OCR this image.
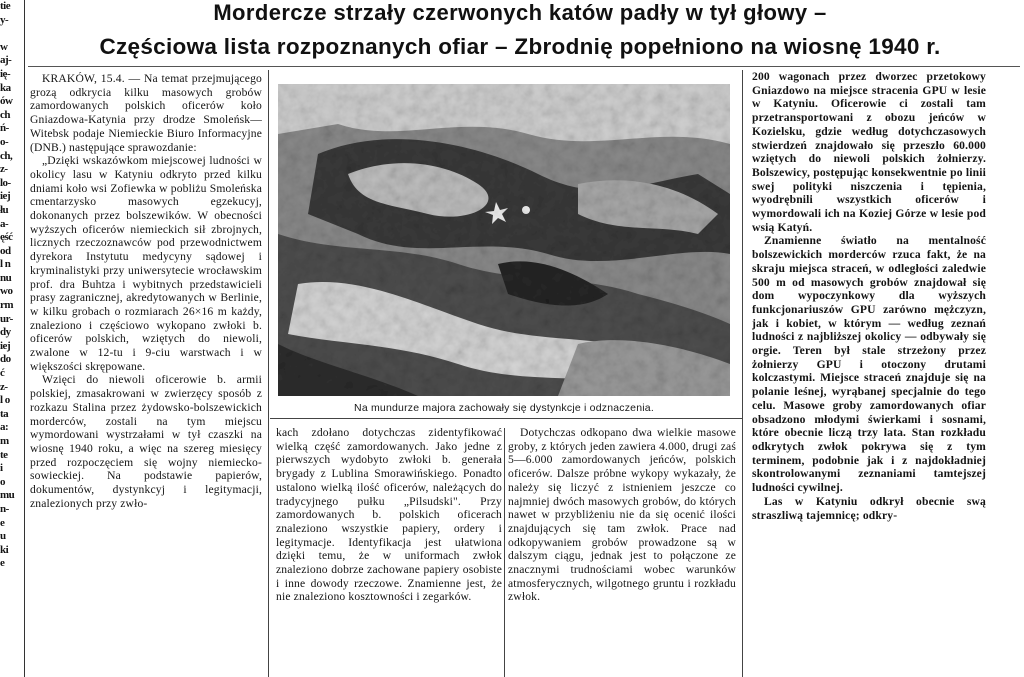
tie
y-
w
aj-
ię-
ka
ów
ch
ń-
o-
ch,
z-
lo-
iej
łu
a-
ęść
od
l n
nu
wo
rm
ur-
dy
iej
do
ć
z-
l o
ta
a:
m
te
i
o
mu
n-
e
u
ki
e
Mordercze strzały czerwonych katów padły w tył głowy –
Częściowa lista rozpoznanych ofiar – Zbrodnię popełniono na wiosnę 1940 r.

KRAKÓW, 15.4. — Na temat przejmującego grozą odkrycia kilku masowych grobów zamordowanych polskich oficerów koło Gniazdowa-Katynia przy drodze Smoleńsk—Witebsk podaje Niemieckie Biuro Informacyjne (DNB.) następujące sprawozdanie:

„Dzięki wskazówkom miejscowej ludności w okolicy lasu w Katyniu odkryto przed kilku dniami koło wsi Zofiewka w pobliżu Smoleńska cmentarzysko masowych egzekucyj, dokonanych przez bolszewików. W obecności wyższych oficerów niemieckich sił zbrojnych, licznych rzeczoznawców pod przewodnictwem dyrekora Instytutu medycyny sądowej i kryminalistyki przy uniwersytecie wrocławskim prof. dra Buhtza i wybitnych przedstawicieli prasy zagranicznej, akredytowanych w Berlinie, w kilku grobach o rozmiarach 26×16 m każdy, znaleziono i częściowo wykopano zwłoki b. oficerów polskich, wziętych do niewoli, zwalone w 12-tu i 9-ciu warstwach i w większości skrępowane.

Wzięci do niewoli oficerowie b. armii polskiej, zmasakrowani w zwierzęcy sposób z rozkazu Stalina przez żydowsko-bolszewickich morderców, zostali na tym miejscu wymordowani wystrzałami w tył czaszki na wiosnę 1940 roku, a więc na szereg miesięcy przed rozpoczęciem się wojny niemiecko-sowieckiej. Na podstawie papierów, dokumentów, dystynkcyj i legitymacji, znalezionych przy zwło-

Na mundurze majora zachowały się dystynkcje i odznaczenia.

kach zdołano dotychczas zidentyfikować wielką część zamordowanych. Jako jedne z pierwszych wydobyto zwłoki b. generała brygady z Lublina Smorawińskiego. Ponadto ustalono wielką ilość oficerów, należących do tradycyjnego pułku „Pilsudski". Przy zamordowanych b. polskich oficerach znaleziono wszystkie papiery, ordery i legitymacje. Identyfikacja jest ułatwiona dzięki temu, że w uniformach zwłok znaleziono dobrze zachowane papiery osobiste i inne dowody rzeczowe. Znamienne jest, że nie znaleziono kosztowności i zegarków.

Dotychczas odkopano dwa wielkie masowe groby, z których jeden zawiera 4.000, drugi zaś 5—6.000 zamordowanych jeńców, polskich oficerów. Dalsze próbne wykopy wykazały, że należy się liczyć z istnieniem jeszcze co najmniej dwóch masowych grobów, do których nawet w przybliżeniu nie da się ocenić ilości znajdujących się tam zwłok. Prace nad odkopywaniem grobów prowadzone są w dalszym ciągu, jednak jest to połączone ze znacznymi trudnościami wobec warunków atmosferycznych, wilgotnego gruntu i rozkładu zwłok.

200 wagonach przez dworzec przetokowy Gniazdowo na miejsce stracenia GPU w lesie w Katyniu. Oficerowie ci zostali tam przetransportowani z obozu jeńców w Kozielsku, gdzie według dotychczasowych stwierdzeń znajdowało się przeszło 60.000 wziętych do niewoli polskich żołnierzy. Bolszewicy, postępując konsekwentnie po linii swej polityki niszczenia i tępienia, wyodrębnili wszystkich oficerów i wymordowali ich na Koziej Górze w lesie pod wsią Katyń.

Znamienne światło na mentalność bolszewickich morderców rzuca fakt, że na skraju miejsca straceń, w odległości zaledwie 500 m od masowych grobów znajdował się dom wypoczynkowy dla wyższych funkcjonariuszów GPU zarówno mężczyzn, jak i kobiet, w którym — według zeznań ludności z najbliższej okolicy — odbywały się orgie. Teren był stale strzeżony przez żołnierzy GPU i otoczony drutami kolczastymi. Miejsce straceń znajduje się na polanie leśnej, wyrąbanej specjalnie do tego celu. Masowe groby zamordowanych ofiar obsadzono młodymi świerkami i sosnami, które obecnie liczą trzy lata. Stan rozkładu odkrytych zwłok pokrywa się z tym terminem, podobnie jak i z najdokładniej skontrolowanymi zeznaniami tamtejszej ludności cywilnej.

Las w Katyniu odkrył obecnie swą straszliwą tajemnicę; odkry-
